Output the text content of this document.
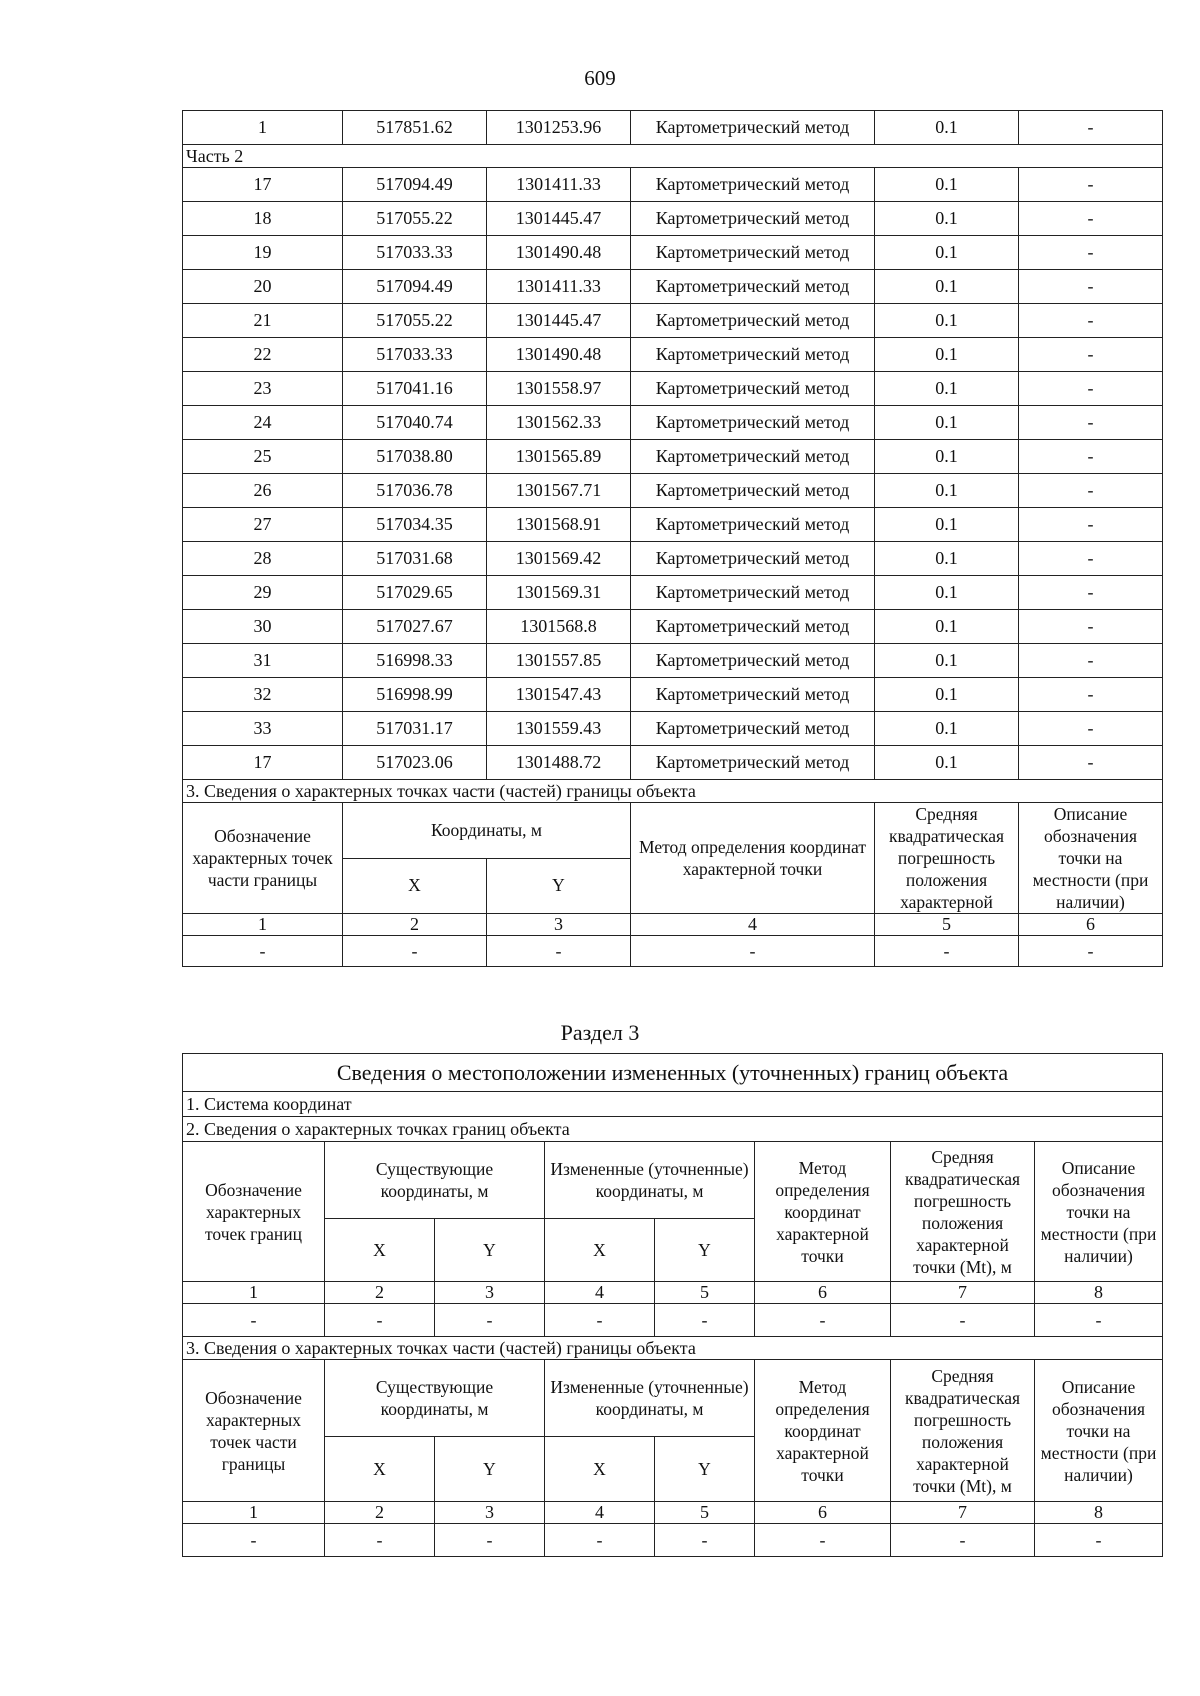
609
1	517851.62	1301253.96	Картометрический метод	0.1	-
Часть 2					
17	517094.49	1301411.33	Картометрический метод	0.1	-
18	517055.22	1301445.47	Картометрический метод	0.1	-
19	517033.33	1301490.48	Картометрический метод	0.1	-
20	517094.49	1301411.33	Картометрический метод	0.1	-
21	517055.22	1301445.47	Картометрический метод	0.1	-
22	517033.33	1301490.48	Картометрический метод	0.1	-
23	517041.16	1301558.97	Картометрический метод	0.1	-
24	517040.74	1301562.33	Картометрический метод	0.1	-
25	517038.80	1301565.89	Картометрический метод	0.1	-
26	517036.78	1301567.71	Картометрический метод	0.1	-
27	517034.35	1301568.91	Картометрический метод	0.1	-
28	517031.68	1301569.42	Картометрический метод	0.1	-
29	517029.65	1301569.31	Картометрический метод	0.1	-
30	517027.67	1301568.8	Картометрический метод	0.1	-
31	516998.33	1301557.85	Картометрический метод	0.1	-
32	516998.99	1301547.43	Картометрический метод	0.1	-
33	517031.17	1301559.43	Картометрический метод	0.1	-
17	517023.06	1301488.72	Картометрический метод	0.1	-
3. Сведения о характерных точках части (частей) границы объекта					
Обозначение характерных точек части границы	Координаты, м		Метод определения координат характерной точки	Средняя квадратическая погрешность положения характерной	Описание обозначения точки на местности (при наличии)
	X	Y			
1	2	3	4	5	6
-	-	-	-	-	-
Раздел 3
Сведения о местоположении измененных (уточненных) границ объекта							
1. Система координат							
2. Сведения о характерных точках границ объекта							
Обозначение характерных точек границ	Существующие координаты, м		Измененные (уточненные) координаты, м		Метод определения координат характерной точки	Средняя квадратическая погрешность положения характерной точки (Mt), м	Описание обозначения точки на местности (при наличии)
	X	Y	X	Y			
1	2	3	4	5	6	7	8
-	-	-	-	-	-	-	-
3. Сведения о характерных точках части (частей) границы объекта							
Обозначение характерных точек части границы	Существующие координаты, м		Измененные (уточненные) координаты, м		Метод определения координат характерной точки	Средняя квадратическая погрешность положения характерной точки (Mt), м	Описание обозначения точки на местности (при наличии)
	X	Y	X	Y			
1	2	3	4	5	6	7	8
-	-	-	-	-	-	-	-
